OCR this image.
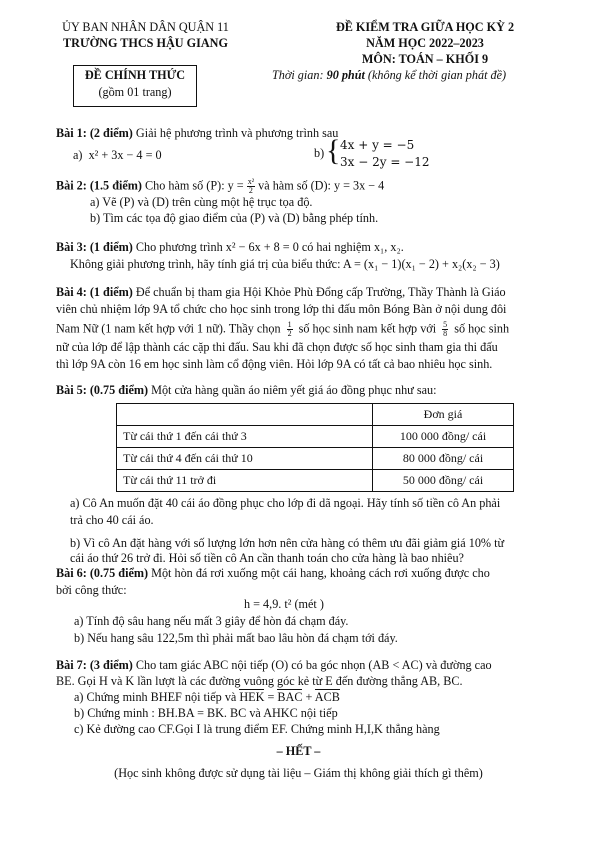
ỦY BAN NHÂN DÂN QUẬN 11
TRƯỜNG THCS HẬU GIANG
ĐỀ CHÍNH THỨC
(gồm 01 trang)
ĐỀ KIỂM TRA GIỮA HỌC KỲ 2
NĂM HỌC 2022–2023
MÔN: TOÁN – KHỐI 9
Thời gian: 90 phút (không kể thời gian phát đề)
Bài 1: (2 điểm) Giải hệ phương trình và phương trình sau
a) x² + 3x − 4 = 0	b) { 4x + y = −5
3x − 2y = −12
Bài 2: (1.5 điểm) Cho hàm số (P): $y = \frac{\text{x²}}{2}$ và hàm số (D): y = 3x − 4
a) Vẽ (P) và (D) trên cùng một hệ trục tọa độ.
b) Tìm các tọa độ giao điểm của (P) và (D) bằng phép tính.
Bài 3: (1 điểm) Cho phương trình x² − 6x + 8 = 0 có hai nghiệm x₁, x₂.
Không giải phương trình, hãy tính giá trị của biểu thức: A = (x₁ − 1)(x₁ − 2) + x₂(x₂ − 3)
Bài 4: (1 điểm) Để chuẩn bị tham gia Hội Khỏe Phù Đổng cấp Trường, Thầy Thành là Giáo
viên chủ nhiệm lớp 9A tổ chức cho học sinh trong lớp thi đấu môn Bóng Bàn ở nội dung đôi
Nam Nữ (1 nam kết hợp với 1 nữ). Thầy chọn $\frac{1}{2}$ số học sinh nam kết hợp với $\frac{5}{8}$ số học sinh
nữ của lớp để lập thành các cặp thi đấu. Sau khi đã chọn được số học sinh tham gia thi đấu
thì lớp 9A còn 16 em học sinh làm cổ động viên. Hỏi lớp 9A có tất cả bao nhiêu học sinh.
Bài 5: (0.75 điểm) Một cửa hàng quần áo niêm yết giá áo đồng phục như sau:
	Đơn giá
Từ cái thứ 1 đến cái thứ 3	100 000 đồng/ cái
Từ cái thứ 4 đến cái thứ 10	80 000 đồng/ cái
Từ cái thứ 11 trở đi	50 000 đồng/ cái
a) Cô An muốn đặt 40 cái áo đồng phục cho lớp đi dã ngoại. Hãy tính số tiền cô An phải
trả cho 40 cái áo.
b) Vì cô An đặt hàng với số lượng lớn hơn nên cửa hàng có thêm ưu đãi giảm giá 10% từ
cái áo thứ 26 trở đi. Hỏi số tiền cô An cần thanh toán cho cửa hàng là bao nhiêu?
Bài 6: (0.75 điểm) Một hòn đá rơi xuống một cái hang, khoảng cách rơi xuống được cho
bởi công thức:
h = 4,9. t² (mét )
a) Tính độ sâu hang nếu mất 3 giây để hòn đá chạm đáy.
b) Nếu hang sâu 122,5m thì phải mất bao lâu hòn đá chạm tới đáy.
Bài 7: (3 điểm) Cho tam giác ABC nội tiếp (O) có ba góc nhọn (AB < AC) và đường cao
BE. Gọi H và K lần lượt là các đường vuông góc kẻ từ E đến đường thẳng AB, BC.
a) Chứng minh BHEF nội tiếp và HEK = BAC + ACB
b) Chứng minh : BH.BA = BK. BC và AHKC nội tiếp
c) Kẻ đường cao CF.Gọi I là trung điểm EF. Chứng minh H,I,K thẳng hàng
– HẾT –
(Học sinh không được sử dụng tài liệu – Giám thị không giải thích gì thêm)
